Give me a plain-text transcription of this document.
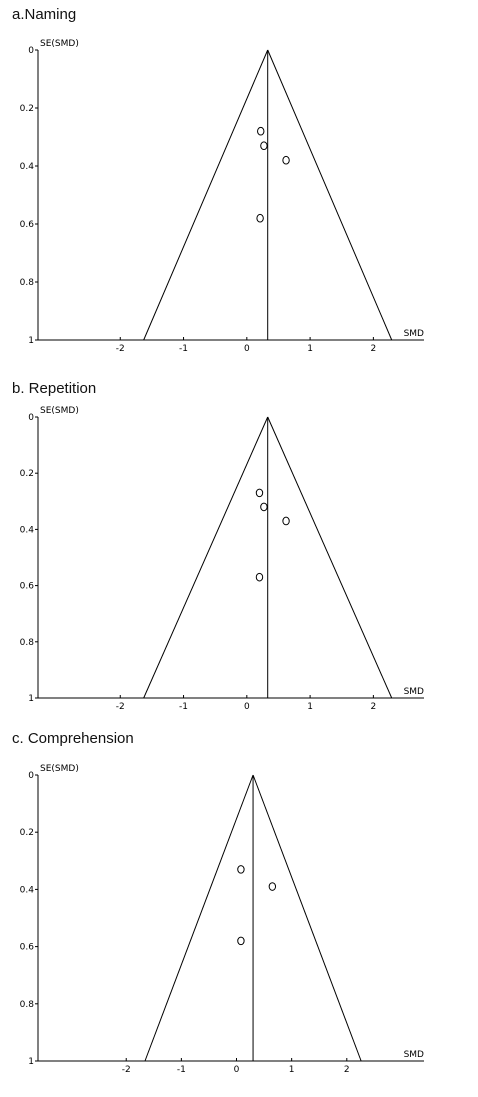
a.Naming
0
0.2
0.4
0.6
0.8
1
-2	-1	0	1	2
SE(SMD)
SMD
b. Repetition
0
0.2
0.4
0.6
0.8
1
-2	-1	0	1	2
SE(SMD)
SMD
c. Comprehension
0
0.2
0.4
0.6
0.8
1
-2	-1	0	1	2
SE(SMD)
SMD
